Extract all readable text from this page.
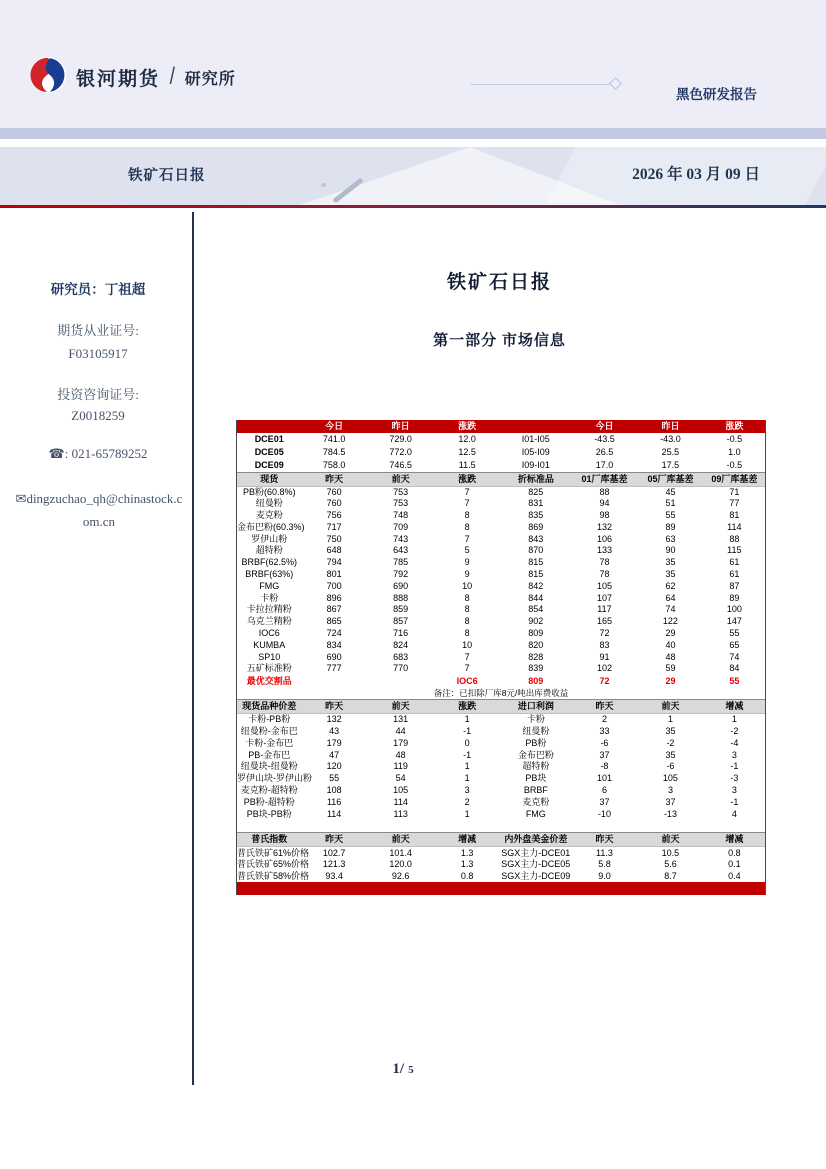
银河期货 / 研究所
黑色研发报告
铁矿石日报	2026 年 03 月 09 日
研究员：丁祖超
期货从业证号:
F03105917
投资咨询证号:
Z0018259
☎: 021-65789252
✉dingzuchao_qh@chinastock.com.cn
铁矿石日报
第一部分 市场信息
	今日	昨日	涨跌		今日	昨日	涨跌
DCE01	741.0	729.0	12.0	I01-I05	-43.5	-43.0	-0.5
DCE05	784.5	772.0	12.5	I05-I09	26.5	25.5	1.0
DCE09	758.0	746.5	11.5	I09-I01	17.0	17.5	-0.5
现货	昨天	前天	涨跌	折标准品	01厂库基差	05厂库基差	09厂库基差
PB粉(60.8%)	760	753	7	825	88	45	71
纽曼粉	760	753	7	831	94	51	77
麦克粉	756	748	8	835	98	55	81
金布巴粉(60.3%)	717	709	8	869	132	89	114
罗伊山粉	750	743	7	843	106	63	88
超特粉	648	643	5	870	133	90	115
BRBF(62.5%)	794	785	9	815	78	35	61
BRBF(63%)	801	792	9	815	78	35	61
FMG	700	690	10	842	105	62	87
卡粉	896	888	8	844	107	64	89
卡拉拉精粉	867	859	8	854	117	74	100
乌克兰精粉	865	857	8	902	165	122	147
IOC6	724	716	8	809	72	29	55
KUMBA	834	824	10	820	83	40	65
SP10	690	683	7	828	91	48	74
五矿标准粉	777	770	7	839	102	59	84
最优交割品			IOC6	809	72	29	55
备注：已扣除厂库8元/吨出库费收益							
现货品种价差	昨天	前天	涨跌	进口利润	昨天	前天	增减
卡粉-PB粉	132	131	1	卡粉	2	1	1
纽曼粉-金布巴	43	44	-1	纽曼粉	33	35	-2
卡粉-金布巴	179	179	0	PB粉	-6	-2	-4
PB-金布巴	47	48	-1	金布巴粉	37	35	3
纽曼块-纽曼粉	120	119	1	超特粉	-8	-6	-1
罗伊山块-罗伊山粉	55	54	1	PB块	101	105	-3
麦克粉-超特粉	108	105	3	BRBF	6	3	3
PB粉-超特粉	116	114	2	麦克粉	37	37	-1
PB块-PB粉	114	113	1	FMG	-10	-13	4

普氏指数	昨天	前天	增减	内外盘美金价差	昨天	前天	增减
普氏铁矿61%价格	102.7	101.4	1.3	SGX主力-DCE01	11.3	10.5	0.8
普氏铁矿65%价格	121.3	120.0	1.3	SGX主力-DCE05	5.8	5.6	0.1
普氏铁矿58%价格	93.4	92.6	0.8	SGX主力-DCE09	9.0	8.7	0.4

1/ 5
